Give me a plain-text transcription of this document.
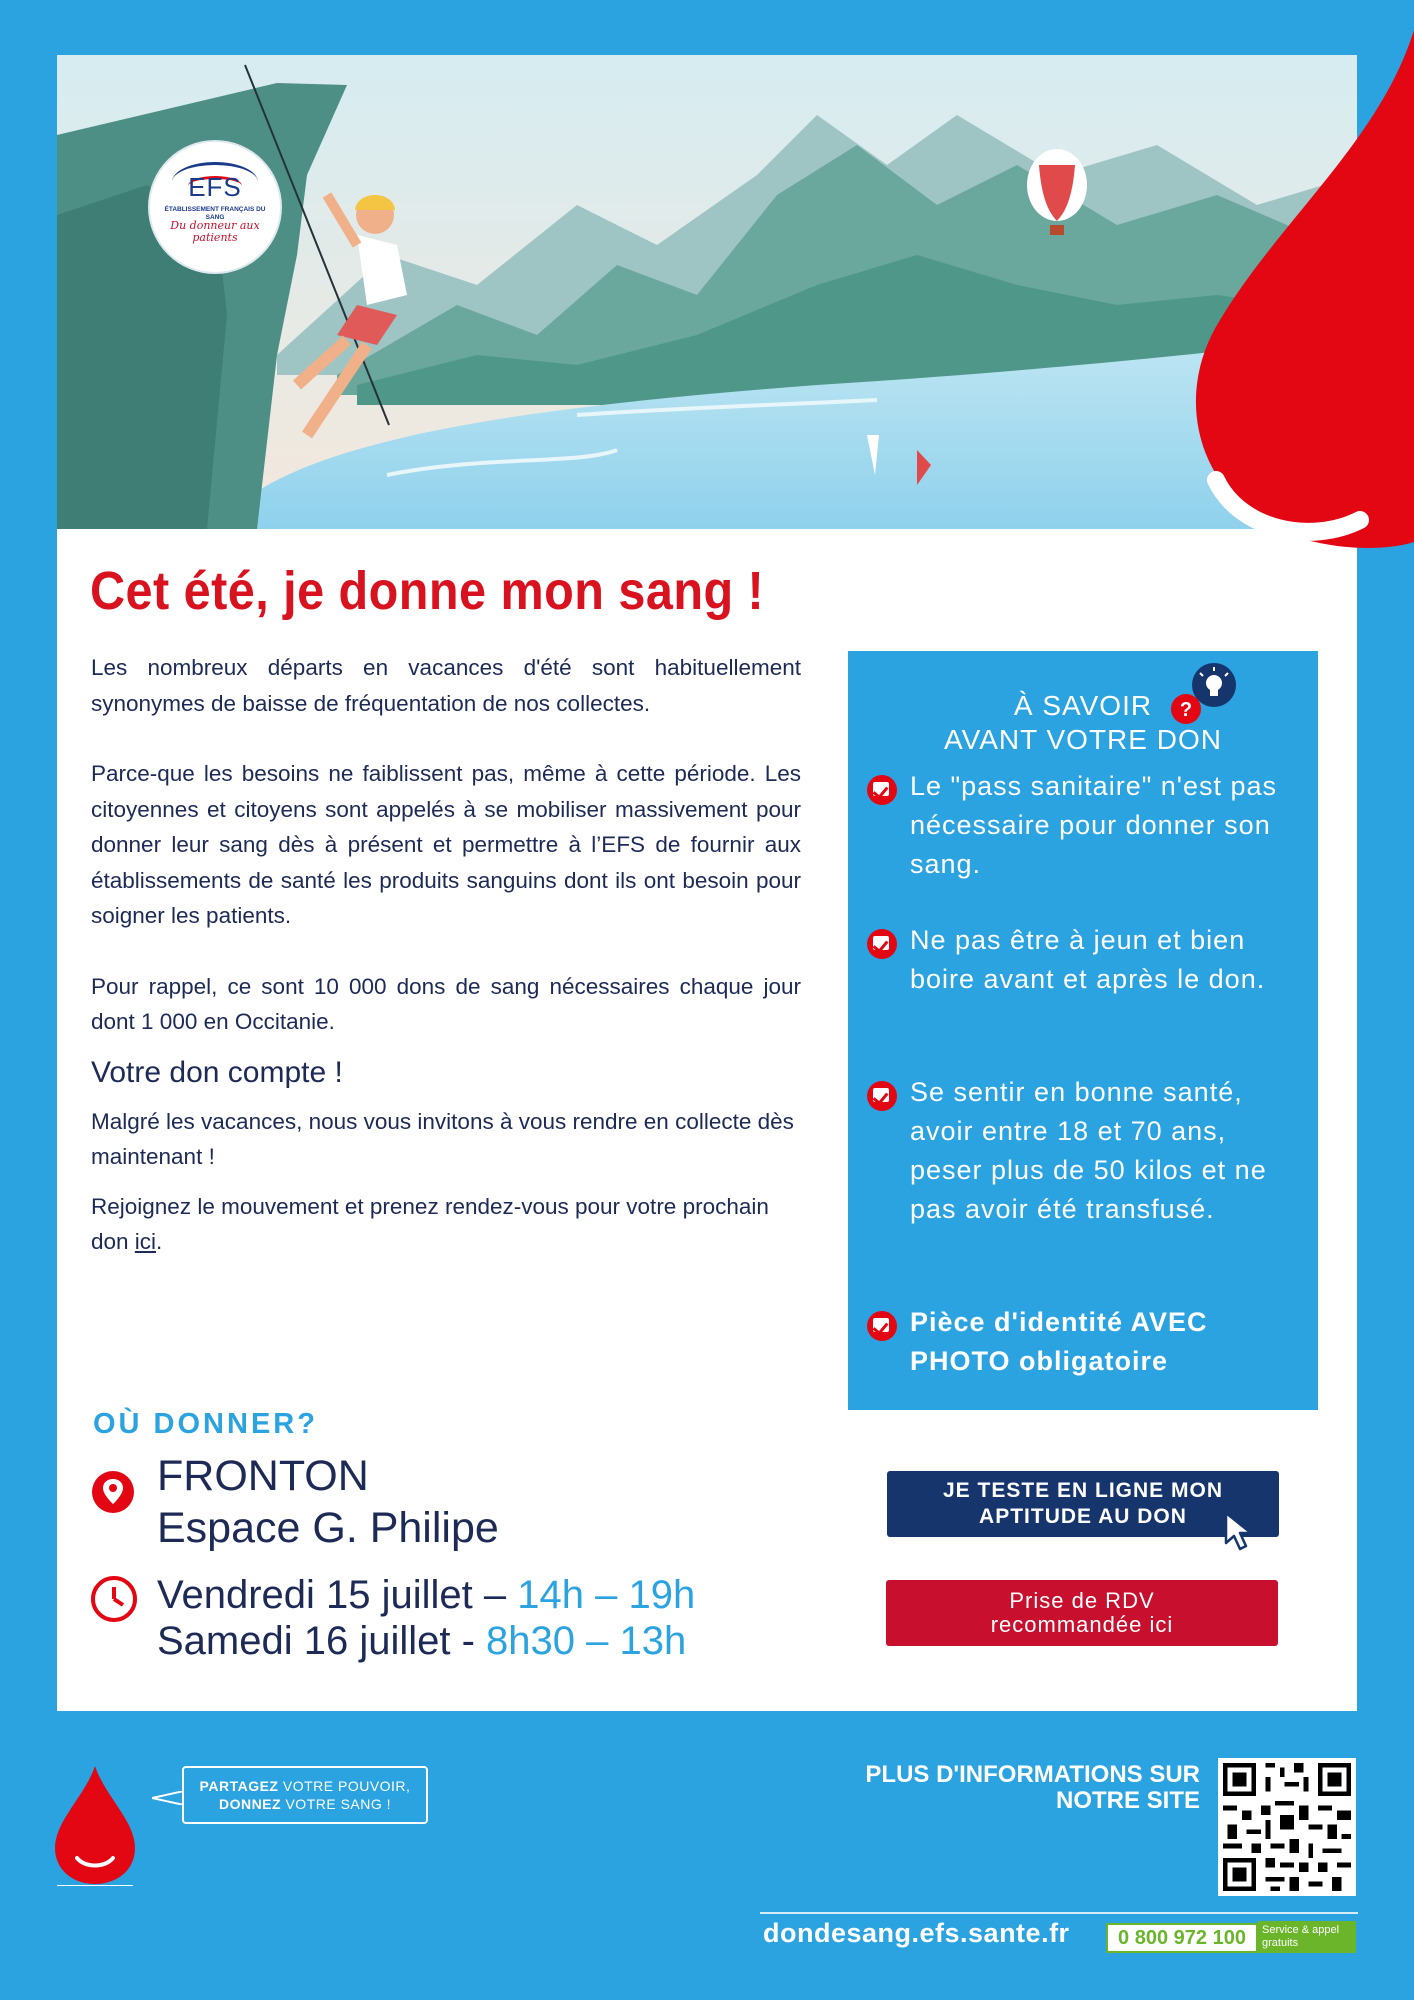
EFS
ÉTABLISSEMENT FRANÇAIS DU SANG
Du donneur aux patients
Cet été, je donne mon sang !

Les nombreux départs en vacances d'été sont habituellement synonymes de baisse de fréquentation de nos collectes.

Parce-que les besoins ne faiblissent pas, même à cette période. Les citoyennes et citoyens sont appelés à se mobiliser massivement pour donner leur sang dès à présent et permettre à l’EFS de fournir aux établissements de santé les produits sanguins dont ils ont besoin pour soigner les patients.

Pour rappel, ce sont 10 000 dons de sang nécessaires chaque jour dont 1 000 en Occitanie.

Votre don compte !

Malgré les vacances, nous vous invitons à vous rendre en collecte dès maintenant !

Rejoignez le mouvement et prenez rendez-vous pour votre prochain don ici.

OÙ DONNER?
FRONTON
Espace G. Philipe
Vendredi 15 juillet – 14h – 19h
Samedi 16 juillet - 8h30 – 13h
À SAVOIR
AVANT VOTRE DON
?
Le "pass sanitaire" n'est pas nécessaire pour donner son sang.
Ne pas être à jeun et bien boire avant et après le don.
Se sentir en bonne santé, avoir entre 18 et 70 ans, peser plus de 50 kilos et ne pas avoir été transfusé.
Pièce d'identité AVEC PHOTO obligatoire
JE TESTE EN LIGNE MON
APTITUDE AU DON
Prise de RDV
recommandée ici
PARTAGEZ VOTRE POUVOIR,
DONNEZ VOTRE SANG !
PLUS D'INFORMATIONS SUR
NOTRE SITE
dondesang.efs.sante.fr	0 800 972 100	Service & appel gratuits
